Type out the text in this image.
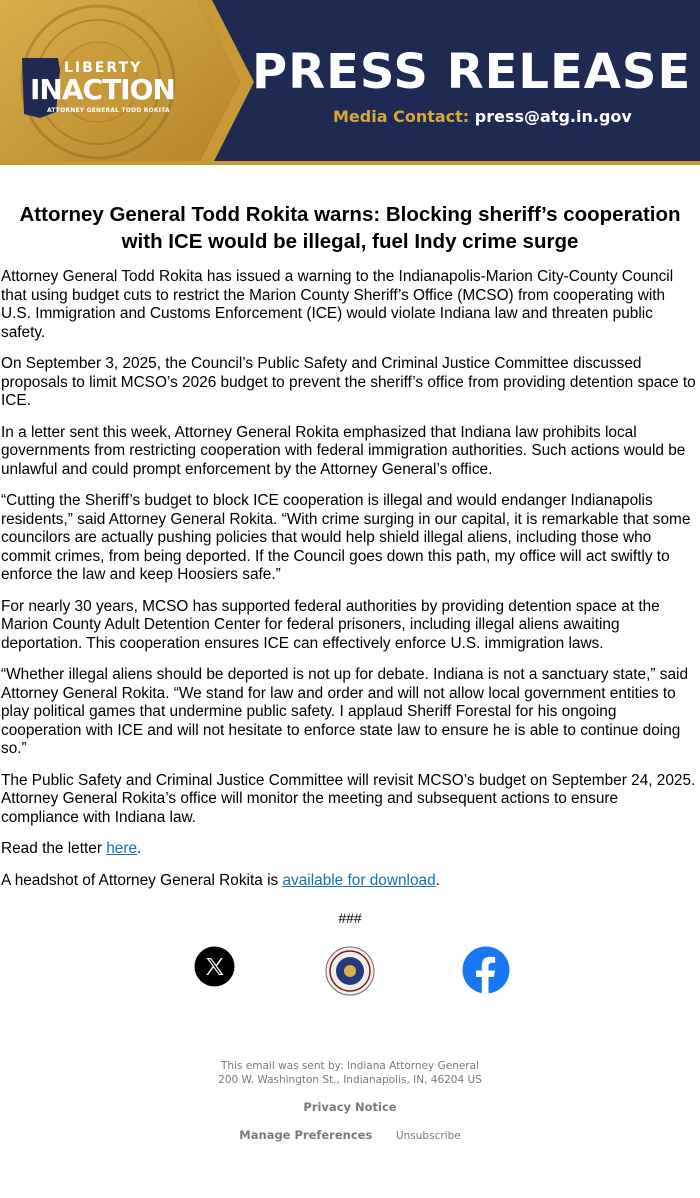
LIBERTY
INACTION
ATTORNEY GENERAL TODD ROKITA
PRESS RELEASE
Media Contact: press@atg.in.gov
Attorney General Todd Rokita warns: Blocking sheriff’s cooperation with ICE would be illegal, fuel Indy crime surge

Attorney General Todd Rokita has issued a warning to the Indianapolis-Marion City-County Council that using budget cuts to restrict the Marion County Sheriff’s Office (MCSO) from cooperating with U.S. Immigration and Customs Enforcement (ICE) would violate Indiana law and threaten public safety.

On September 3, 2025, the Council’s Public Safety and Criminal Justice Committee discussed proposals to limit MCSO’s 2026 budget to prevent the sheriff’s office from providing detention space to ICE.

In a letter sent this week, Attorney General Rokita emphasized that Indiana law prohibits local governments from restricting cooperation with federal immigration authorities. Such actions would be unlawful and could prompt enforcement by the Attorney General’s office.

“Cutting the Sheriff’s budget to block ICE cooperation is illegal and would endanger Indianapolis residents,” said Attorney General Rokita. “With crime surging in our capital, it is remarkable that some councilors are actually pushing policies that would help shield illegal aliens, including those who commit crimes, from being deported. If the Council goes down this path, my office will act swiftly to enforce the law and keep Hoosiers safe.”

For nearly 30 years, MCSO has supported federal authorities by providing detention space at the Marion County Adult Detention Center for federal prisoners, including illegal aliens awaiting deportation. This cooperation ensures ICE can effectively enforce U.S. immigration laws.

“Whether illegal aliens should be deported is not up for debate. Indiana is not a sanctuary state,” said Attorney General Rokita. “We stand for law and order and will not allow local government entities to play political games that undermine public safety. I applaud Sheriff Forestal for his ongoing cooperation with ICE and will not hesitate to enforce state law to ensure he is able to continue doing so.”

The Public Safety and Criminal Justice Committee will revisit MCSO’s budget on September 24, 2025. Attorney General Rokita’s office will monitor the meeting and subsequent actions to ensure compliance with Indiana law.

Read the letter here.

A headshot of Attorney General Rokita is available for download.

###
This email was sent by: Indiana Attorney General
200 W. Washington St., Indianapolis, IN, 46204 US
Privacy Notice
Manage Preferences Unsubscribe
